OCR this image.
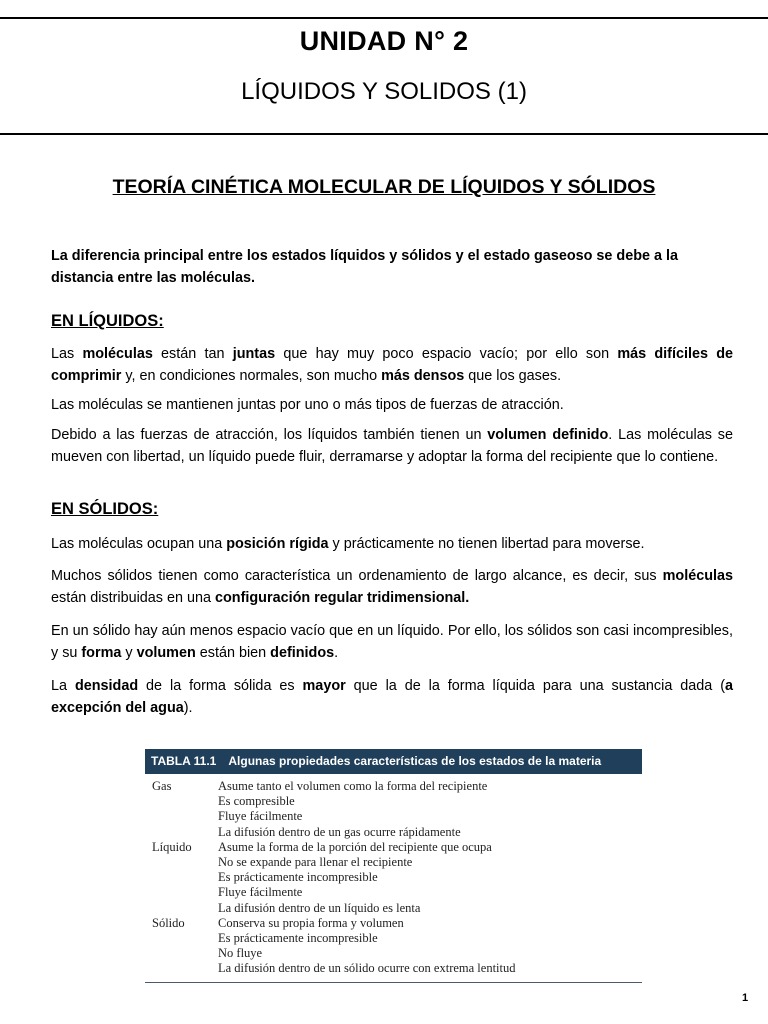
UNIDAD N° 2
LÍQUIDOS Y SOLIDOS (1)
TEORÍA CINÉTICA MOLECULAR DE LÍQUIDOS Y SÓLIDOS
La diferencia principal entre los estados líquidos y sólidos y el estado gaseoso se debe a la distancia entre las moléculas.
EN LÍQUIDOS:
Las moléculas están tan juntas que hay muy poco espacio vacío; por ello son más difíciles de comprimir y, en condiciones normales, son mucho más densos que los gases.
Las moléculas se mantienen juntas por uno o más tipos de fuerzas de atracción.
Debido a las fuerzas de atracción, los líquidos también tienen un volumen definido. Las moléculas se mueven con libertad, un líquido puede fluir, derramarse y adoptar la forma del recipiente que lo contiene.
EN SÓLIDOS:
Las moléculas ocupan una posición rígida y prácticamente no tienen libertad para moverse.
Muchos sólidos tienen como característica un ordenamiento de largo alcance, es decir, sus moléculas están distribuidas en una configuración regular tridimensional.
En un sólido hay aún menos espacio vacío que en un líquido. Por ello, los sólidos son casi incompresibles, y su forma y volumen están bien definidos.
La densidad de la forma sólida es mayor que la de la forma líquida para una sustancia dada (a excepción del agua).
TABLA 11.1 Algunas propiedades características de los estados de la materia
Gas	Asume tanto el volumen como la forma del recipiente
Es compresible
Fluye fácilmente
La difusión dentro de un gas ocurre rápidamente
Líquido	Asume la forma de la porción del recipiente que ocupa
No se expande para llenar el recipiente
Es prácticamente incompresible
Fluye fácilmente
La difusión dentro de un líquido es lenta
Sólido	Conserva su propia forma y volumen
Es prácticamente incompresible
No fluye
La difusión dentro de un sólido ocurre con extrema lentitud
1
